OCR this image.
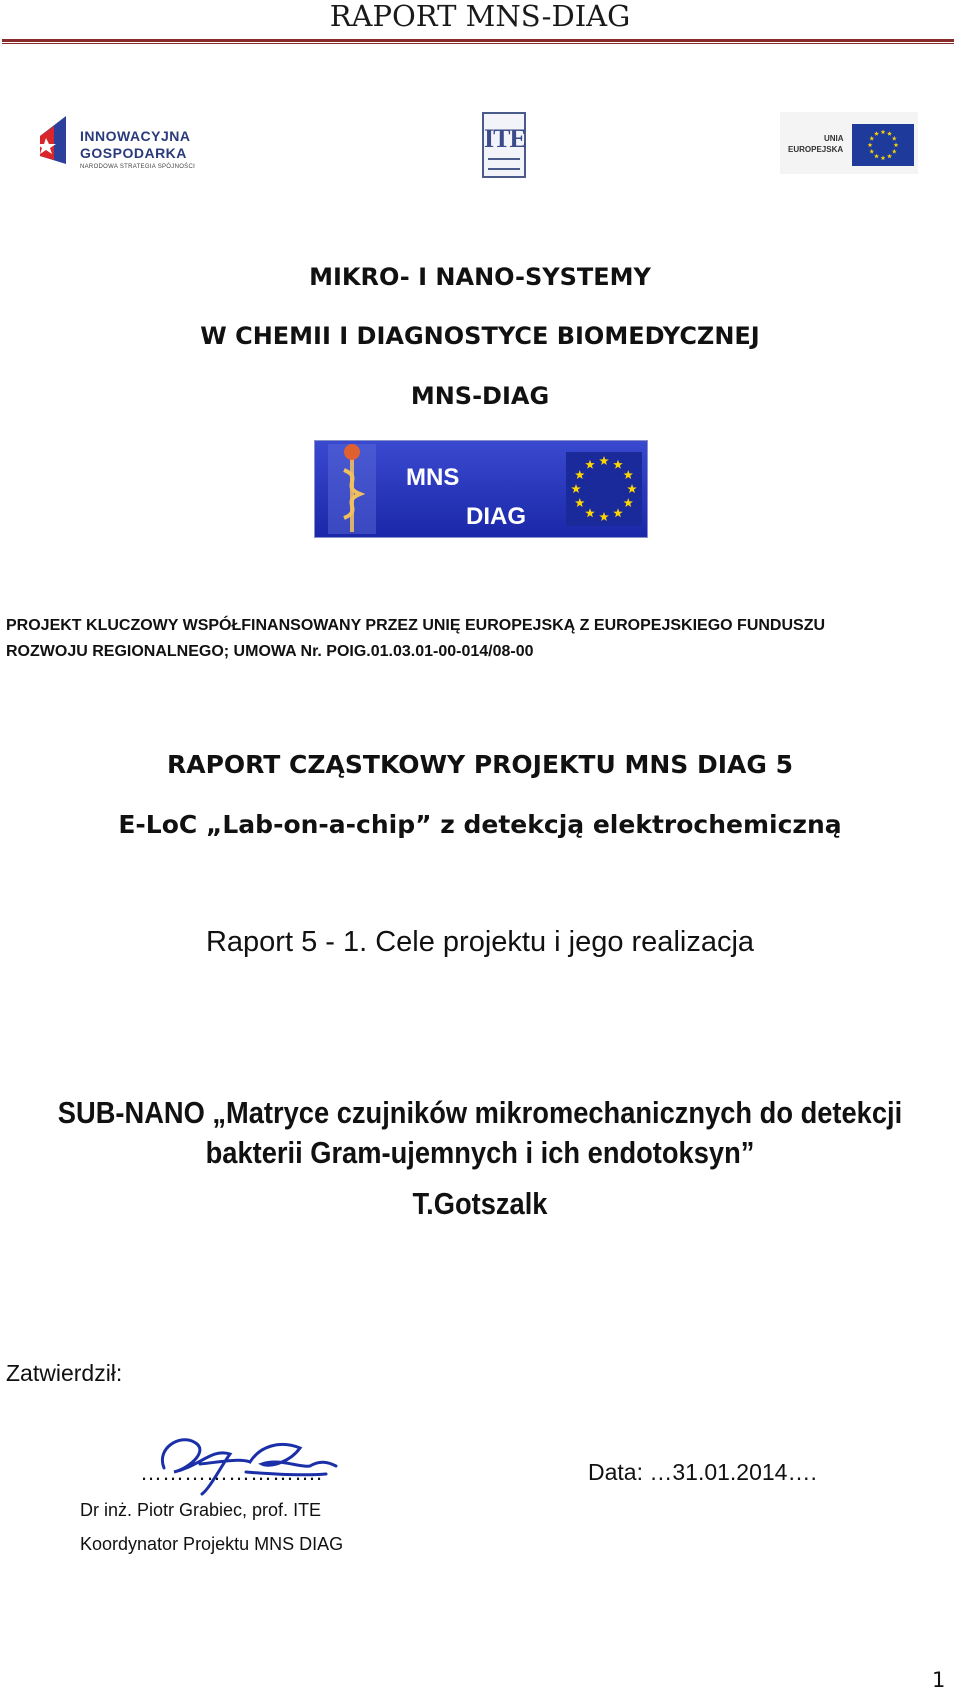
RAPORT MNS-DIAG
INNOWACYJNA
GOSPODARKA
NARODOWA STRATEGIA SPÓJNOŚCI
ITE	UNIA
EUROPEJSKA
MIKRO- I NANO-SYSTEMY
W CHEMII I DIAGNOSTYCE BIOMEDYCZNEJ
MNS-DIAG
MNS
DIAG
PROJEKT KLUCZOWY WSPÓŁFINANSOWANY PRZEZ UNIĘ EUROPEJSKĄ Z EUROPEJSKIEGO FUNDUSZU
ROZWOJU REGIONALNEGO; UMOWA Nr. POIG.01.03.01-00-014/08-00
RAPORT CZĄSTKOWY PROJEKTU MNS DIAG 5
E-LoC „Lab-on-a-chip” z detekcją elektrochemiczną
Raport 5 - 1. Cele projektu i jego realizacja
SUB-NANO „Matryce czujników mikromechanicznych do detekcji
bakterii Gram-ujemnych i ich endotoksyn”
T.Gotszalk
Zatwierdził:
…………………….	Data: …31.01.2014….
Dr inż. Piotr Grabiec, prof. ITE
Koordynator Projektu MNS DIAG
1
